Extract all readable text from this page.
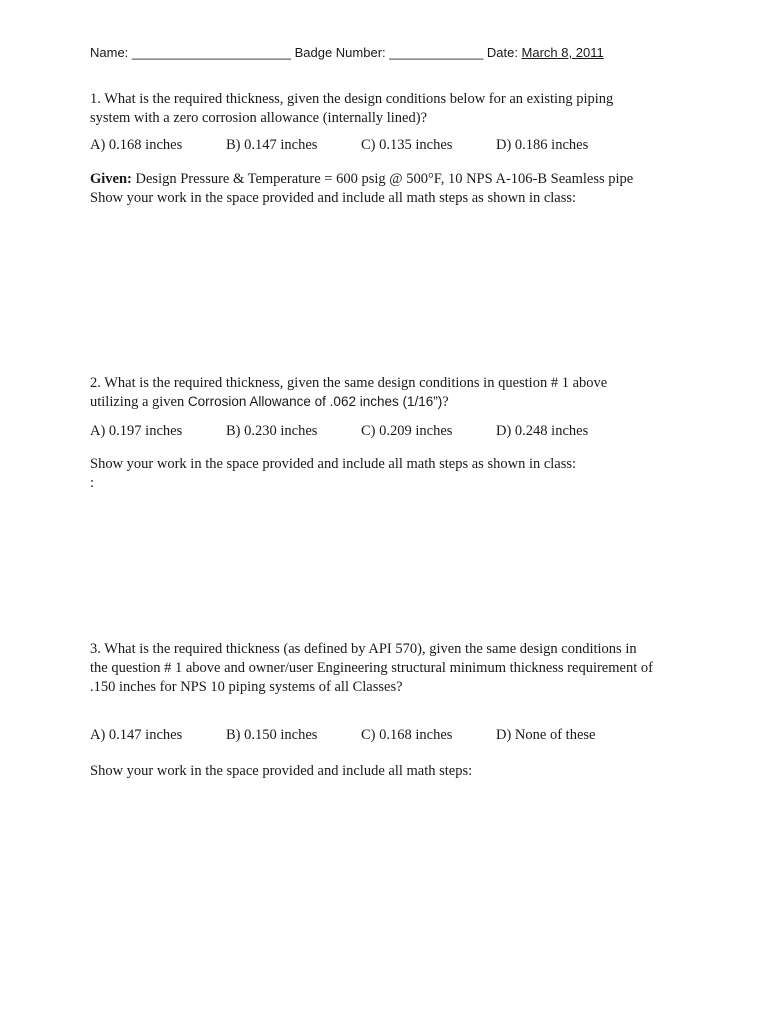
Name: ______________________ Badge Number: _____________ Date: March 8, 2011
1. What is the required thickness, given the design conditions below for an existing piping
system with a zero corrosion allowance (internally lined)?
A) 0.168 inches	B) 0.147 inches	C) 0.135 inches	D) 0.186 inches
Given: Design Pressure & Temperature = 600 psig @ 500°F, 10 NPS A-106-B Seamless pipe
Show your work in the space provided and include all math steps as shown in class:
2. What is the required thickness, given the same design conditions in question # 1 above
utilizing a given Corrosion Allowance of .062 inches (1/16”)?
A) 0.197 inches	B) 0.230 inches	C) 0.209 inches	D) 0.248 inches
Show your work in the space provided and include all math steps as shown in class:
:
3. What is the required thickness (as defined by API 570), given the same design conditions in
the question # 1 above and owner/user Engineering structural minimum thickness requirement of
.150 inches for NPS 10 piping systems of all Classes?
A) 0.147 inches	B) 0.150 inches	C) 0.168 inches	D) None of these
Show your work in the space provided and include all math steps:
